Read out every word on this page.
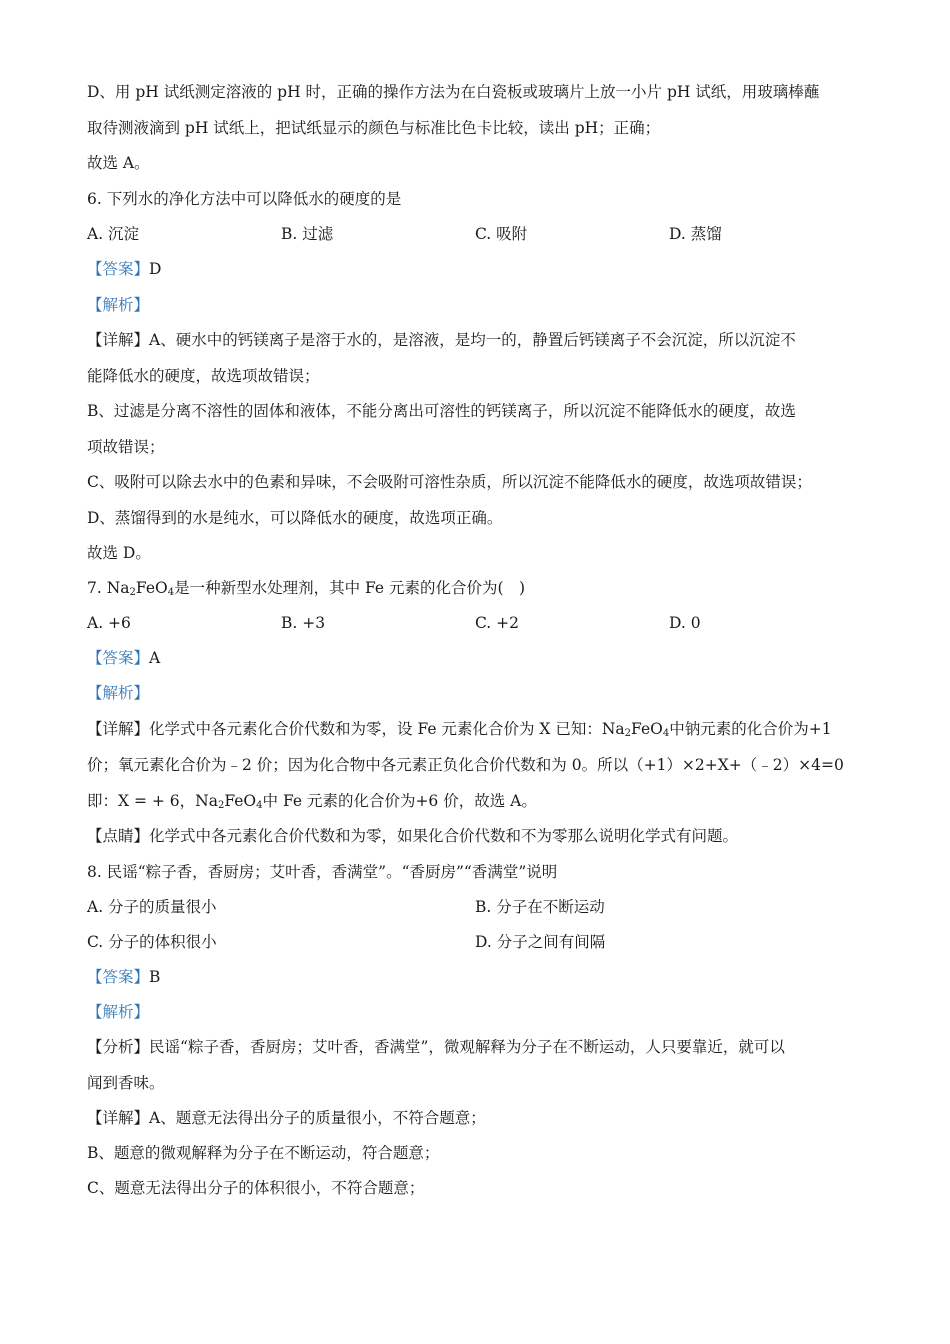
D、用 pH 试纸测定溶液的 pH 时，正确的操作方法为在白瓷板或玻璃片上放一小片 pH 试纸，用玻璃棒蘸
取待测液滴到 pH 试纸上，把试纸显示的颜色与标准比色卡比较，读出 pH；正确；
故选 A。
6. 下列水的净化方法中可以降低水的硬度的是
A. 沉淀	B. 过滤	C. 吸附	D. 蒸馏
【答案】D
【解析】
【详解】A、硬水中的钙镁离子是溶于水的，是溶液，是均一的，静置后钙镁离子不会沉淀，所以沉淀不
能降低水的硬度，故选项故错误；
B、过滤是分离不溶性的固体和液体，不能分离出可溶性的钙镁离子，所以沉淀不能降低水的硬度，故选
项故错误；
C、吸附可以除去水中的色素和异味，不会吸附可溶性杂质，所以沉淀不能降低水的硬度，故选项故错误；
D、蒸馏得到的水是纯水，可以降低水的硬度，故选项正确。
故选 D。
7. $Na_2FeO_4$是一种新型水处理剂，其中 Fe 元素的化合价为(　)
A. +6	B. +3	C. +2	D. 0
【答案】A
【解析】
【详解】化学式中各元素化合价代数和为零，设 Fe 元素化合价为 X 已知：$Na_2FeO_4$中钠元素的化合价为+1
价；氧元素化合价为﹣2 价；因为化合物中各元素正负化合价代数和为 0。所以（+1）×2+X+（﹣2）×4=0
即：X = + 6，$Na_2FeO_4$中 Fe 元素的化合价为+6 价，故选 A。
【点睛】化学式中各元素化合价代数和为零，如果化合价代数和不为零那么说明化学式有问题。
8. 民谣“粽子香，香厨房；艾叶香，香满堂”。“香厨房”“香满堂”说明
A. 分子的质量很小	B. 分子在不断运动
C. 分子的体积很小	D. 分子之间有间隔
【答案】B
【解析】
【分析】民谣“粽子香，香厨房；艾叶香，香满堂”，微观解释为分子在不断运动，人只要靠近，就可以
闻到香味。
【详解】A、题意无法得出分子的质量很小，不符合题意；
B、题意的微观解释为分子在不断运动，符合题意；
C、题意无法得出分子的体积很小，不符合题意；
